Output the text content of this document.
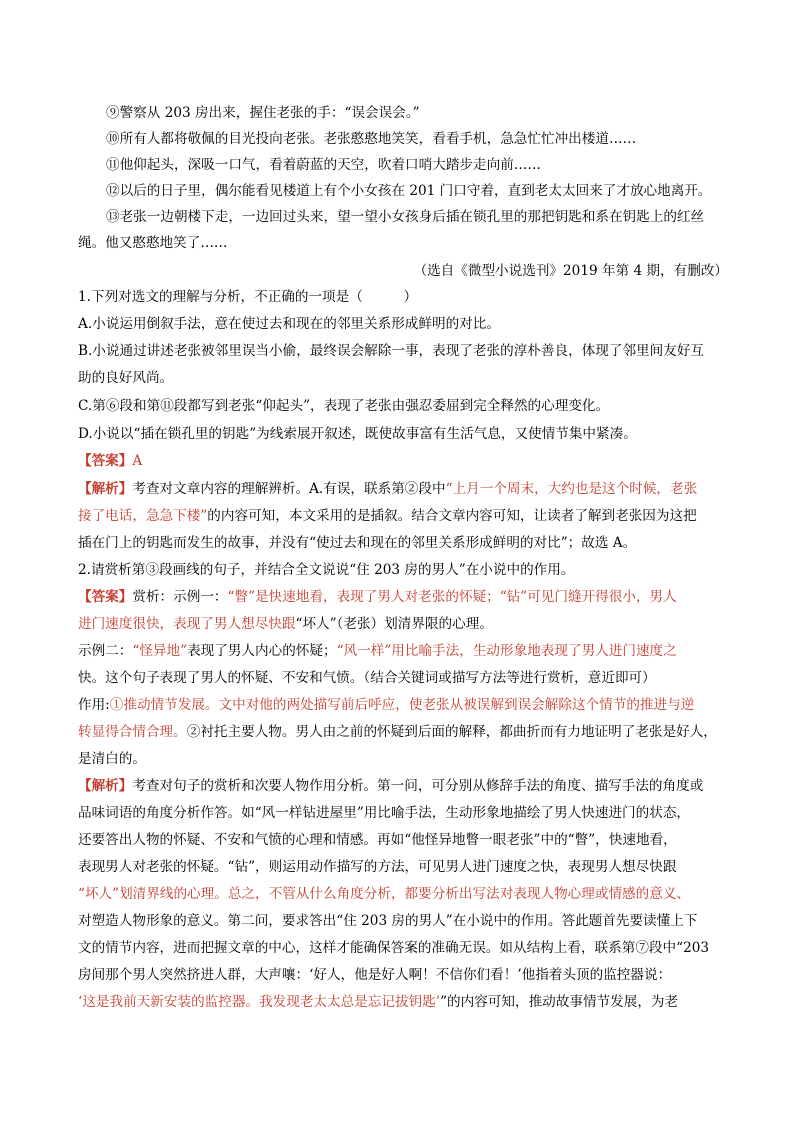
⑨警察从 203 房出来，握住老张的手：“误会误会。”
⑩所有人都将敬佩的目光投向老张。老张憨憨地笑笑，看看手机，急急忙忙冲出楼道……
⑪他仰起头，深吸一口气，看着蔚蓝的天空，吹着口哨大踏步走向前……
⑫以后的日子里，偶尔能看见楼道上有个小女孩在 201 门口守着，直到老太太回来了才放心地离开。
⑬老张一边朝楼下走，一边回过头来，望一望小女孩身后插在锁孔里的那把钥匙和系在钥匙上的红丝
绳。他又憨憨地笑了……
（选自《微型小说选刊》2019 年第 4 期，有删改）
1.下列对选文的理解与分析，不正确的一项是（　　　）
A.小说运用倒叙手法，意在使过去和现在的邻里关系形成鲜明的对比。
B.小说通过讲述老张被邻里误当小偷，最终误会解除一事，表现了老张的淳朴善良，体现了邻里间友好互
助的良好风尚。
C.第⑥段和第⑪段都写到老张“仰起头”，表现了老张由强忍委屈到完全释然的心理变化。
D.小说以“插在锁孔里的钥匙”为线索展开叙述，既使故事富有生活气息，又使情节集中紧凑。
【答案】A
【解析】考查对文章内容的理解辨析。A.有误，联系第②段中“上月一个周末，大约也是这个时候，老张
接了电话，急急下楼”的内容可知，本文采用的是插叙。结合文章内容可知，让读者了解到老张因为这把
插在门上的钥匙而发生的故事，并没有“使过去和现在的邻里关系形成鲜明的对比”；故选 A。
2.请赏析第③段画线的句子，并结合全文说说“住 203 房的男人”在小说中的作用。
【答案】赏析：示例一：“瞥”是快速地看，表现了男人对老张的怀疑；“钻”可见门缝开得很小，男人
进门速度很快，表现了男人想尽快跟“坏人”（老张）划清界限的心理。
示例二：“怪异地”表现了男人内心的怀疑；“风一样”用比喻手法，生动形象地表现了男人进门速度之
快。这个句子表现了男人的怀疑、不安和气愤。（结合关键词或描写方法等进行赏析，意近即可）
作用:①推动情节发展。文中对他的两处描写前后呼应，使老张从被误解到误会解除这个情节的推进与逆
转显得合情合理。②衬托主要人物。男人由之前的怀疑到后面的解释，都曲折而有力地证明了老张是好人，
是清白的。
【解析】考查对句子的赏析和次要人物作用分析。第一问，可分别从修辞手法的角度、描写手法的角度或
品味词语的角度分析作答。如“风一样钻进屋里”用比喻手法，生动形象地描绘了男人快速进门的状态，
还要答出人物的怀疑、不安和气愤的心理和情感。再如“他怪异地瞥一眼老张”中的“瞥”，快速地看，
表现男人对老张的怀疑。“钻”，则运用动作描写的方法，可见男人进门速度之快，表现男人想尽快跟
“坏人”划清界线的心理。总之，不管从什么角度分析，都要分析出写法对表现人物心理或情感的意义、
对塑造人物形象的意义。第二问，要求答出“住 203 房的男人”在小说中的作用。答此题首先要读懂上下
文的情节内容，进而把握文章的中心，这样才能确保答案的准确无误。如从结构上看，联系第⑦段中“203
房间那个男人突然挤进人群，大声嚷：‘好人，他是好人啊！不信你们看！’他指着头顶的监控器说：
‘这是我前天新安装的监控器。我发现老太太总是忘记拔钥匙’”的内容可知，推动故事情节发展，为老
